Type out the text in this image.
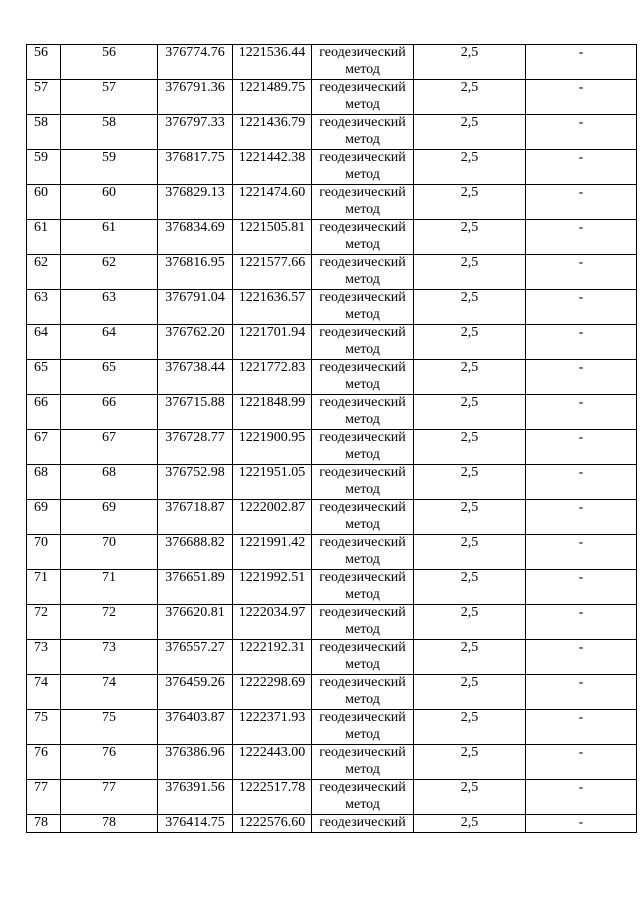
56	56	376774.76	1221536.44	геодезический
метод	2,5	-
57	57	376791.36	1221489.75	геодезический
метод	2,5	-
58	58	376797.33	1221436.79	геодезический
метод	2,5	-
59	59	376817.75	1221442.38	геодезический
метод	2,5	-
60	60	376829.13	1221474.60	геодезический
метод	2,5	-
61	61	376834.69	1221505.81	геодезический
метод	2,5	-
62	62	376816.95	1221577.66	геодезический
метод	2,5	-
63	63	376791.04	1221636.57	геодезический
метод	2,5	-
64	64	376762.20	1221701.94	геодезический
метод	2,5	-
65	65	376738.44	1221772.83	геодезический
метод	2,5	-
66	66	376715.88	1221848.99	геодезический
метод	2,5	-
67	67	376728.77	1221900.95	геодезический
метод	2,5	-
68	68	376752.98	1221951.05	геодезический
метод	2,5	-
69	69	376718.87	1222002.87	геодезический
метод	2,5	-
70	70	376688.82	1221991.42	геодезический
метод	2,5	-
71	71	376651.89	1221992.51	геодезический
метод	2,5	-
72	72	376620.81	1222034.97	геодезический
метод	2,5	-
73	73	376557.27	1222192.31	геодезический
метод	2,5	-
74	74	376459.26	1222298.69	геодезический
метод	2,5	-
75	75	376403.87	1222371.93	геодезический
метод	2,5	-
76	76	376386.96	1222443.00	геодезический
метод	2,5	-
77	77	376391.56	1222517.78	геодезический
метод	2,5	-
78	78	376414.75	1222576.60	геодезический	2,5	-
